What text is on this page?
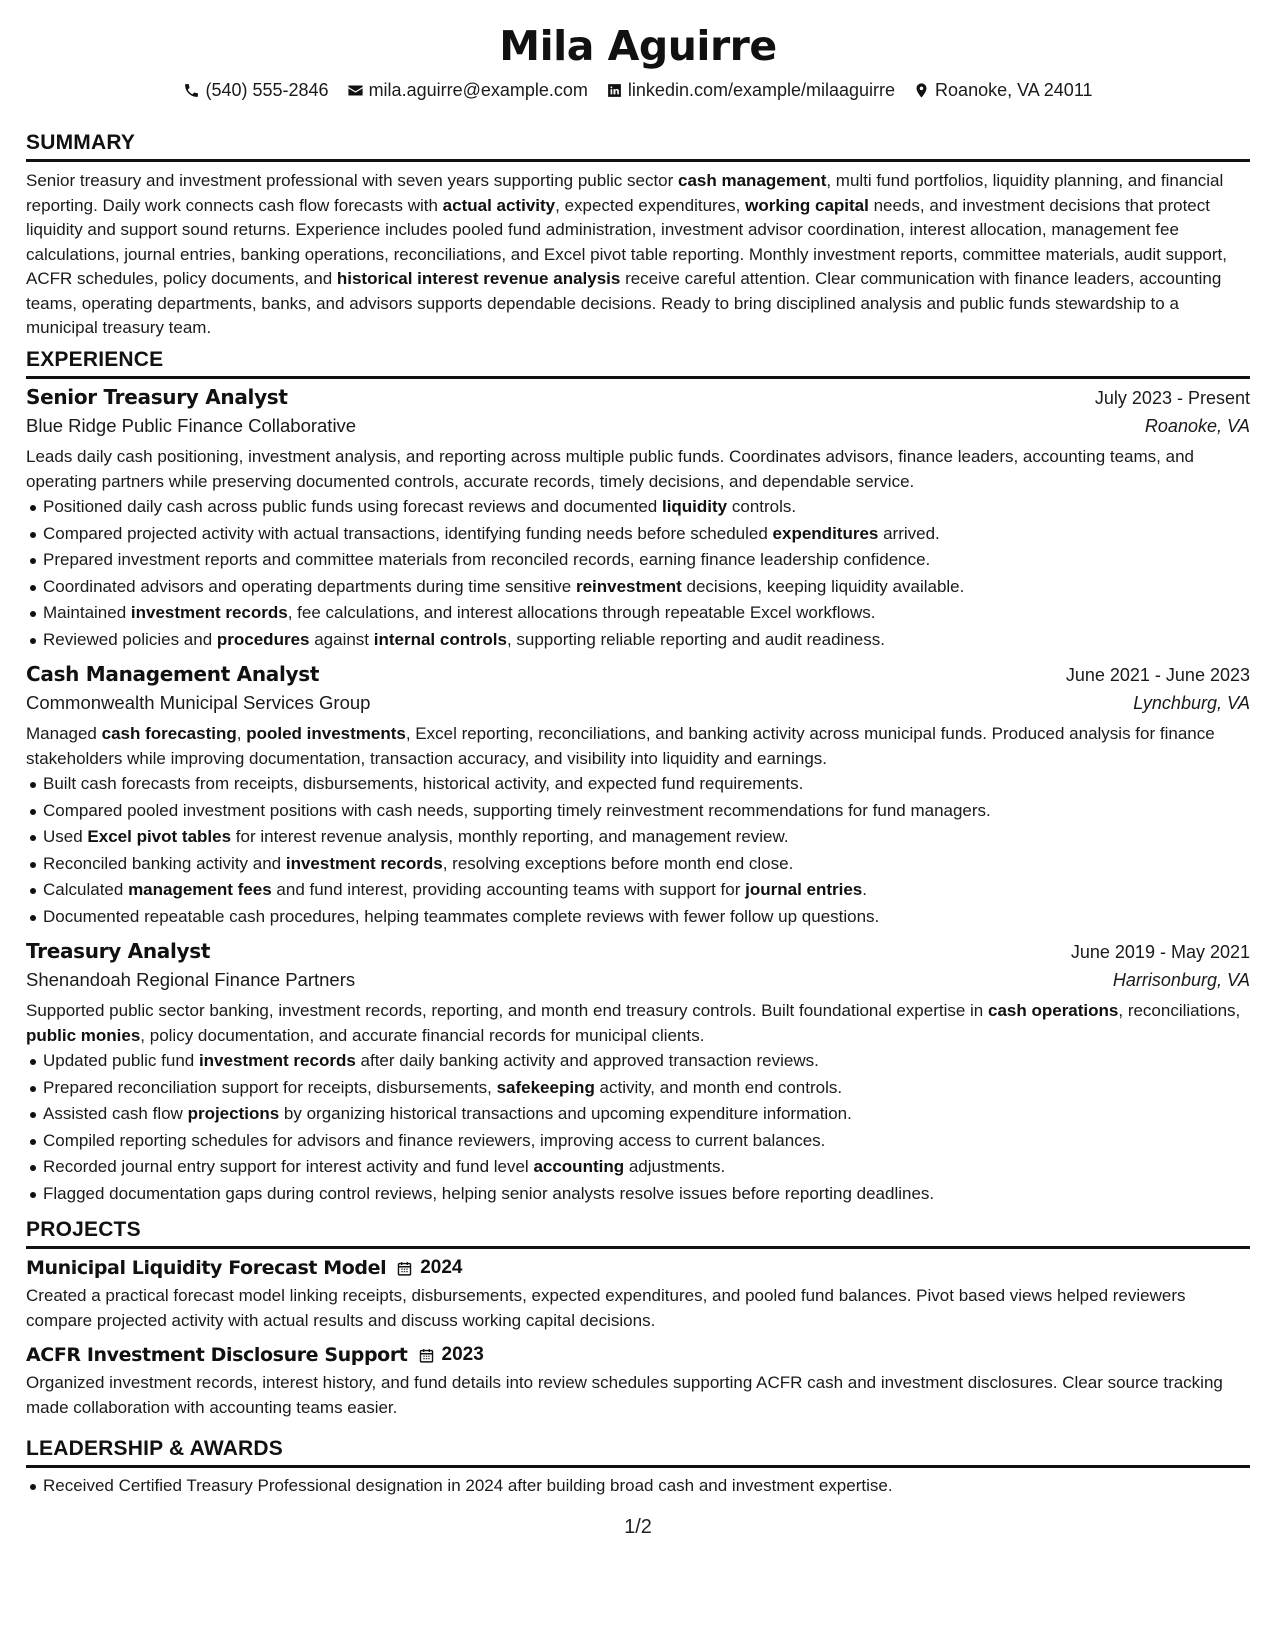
Mila Aguirre
(540) 555-2846 mila.aguirre@example.com linkedin.com/example/milaaguirre Roanoke, VA 24011
SUMMARY
Senior treasury and investment professional with seven years supporting public sector cash management, multi fund portfolios, liquidity planning, and financial reporting. Daily work connects cash flow forecasts with actual activity, expected expenditures, working capital needs, and investment decisions that protect liquidity and support sound returns. Experience includes pooled fund administration, investment advisor coordination, interest allocation, management fee calculations, journal entries, banking operations, reconciliations, and Excel pivot table reporting. Monthly investment reports, committee materials, audit support, ACFR schedules, policy documents, and historical interest revenue analysis receive careful attention. Clear communication with finance leaders, accounting teams, operating departments, banks, and advisors supports dependable decisions. Ready to bring disciplined analysis and public funds stewardship to a municipal treasury team.
EXPERIENCE
Senior Treasury Analyst	July 2023 - Present
Blue Ridge Public Finance Collaborative	Roanoke, VA
Leads daily cash positioning, investment analysis, and reporting across multiple public funds. Coordinates advisors, finance leaders, accounting teams, and operating partners while preserving documented controls, accurate records, timely decisions, and dependable service.
Positioned daily cash across public funds using forecast reviews and documented liquidity controls.
Compared projected activity with actual transactions, identifying funding needs before scheduled expenditures arrived.
Prepared investment reports and committee materials from reconciled records, earning finance leadership confidence.
Coordinated advisors and operating departments during time sensitive reinvestment decisions, keeping liquidity available.
Maintained investment records, fee calculations, and interest allocations through repeatable Excel workflows.
Reviewed policies and procedures against internal controls, supporting reliable reporting and audit readiness.
Cash Management Analyst	June 2021 - June 2023
Commonwealth Municipal Services Group	Lynchburg, VA
Managed cash forecasting, pooled investments, Excel reporting, reconciliations, and banking activity across municipal funds. Produced analysis for finance stakeholders while improving documentation, transaction accuracy, and visibility into liquidity and earnings.
Built cash forecasts from receipts, disbursements, historical activity, and expected fund requirements.
Compared pooled investment positions with cash needs, supporting timely reinvestment recommendations for fund managers.
Used Excel pivot tables for interest revenue analysis, monthly reporting, and management review.
Reconciled banking activity and investment records, resolving exceptions before month end close.
Calculated management fees and fund interest, providing accounting teams with support for journal entries.
Documented repeatable cash procedures, helping teammates complete reviews with fewer follow up questions.
Treasury Analyst	June 2019 - May 2021
Shenandoah Regional Finance Partners	Harrisonburg, VA
Supported public sector banking, investment records, reporting, and month end treasury controls. Built foundational expertise in cash operations, reconciliations, public monies, policy documentation, and accurate financial records for municipal clients.
Updated public fund investment records after daily banking activity and approved transaction reviews.
Prepared reconciliation support for receipts, disbursements, safekeeping activity, and month end controls.
Assisted cash flow projections by organizing historical transactions and upcoming expenditure information.
Compiled reporting schedules for advisors and finance reviewers, improving access to current balances.
Recorded journal entry support for interest activity and fund level accounting adjustments.
Flagged documentation gaps during control reviews, helping senior analysts resolve issues before reporting deadlines.
PROJECTS
Municipal Liquidity Forecast Model 2024
Created a practical forecast model linking receipts, disbursements, expected expenditures, and pooled fund balances. Pivot based views helped reviewers compare projected activity with actual results and discuss working capital decisions.
ACFR Investment Disclosure Support 2023
Organized investment records, interest history, and fund details into review schedules supporting ACFR cash and investment disclosures. Clear source tracking made collaboration with accounting teams easier.
LEADERSHIP & AWARDS
Received Certified Treasury Professional designation in 2024 after building broad cash and investment expertise.
1/2
